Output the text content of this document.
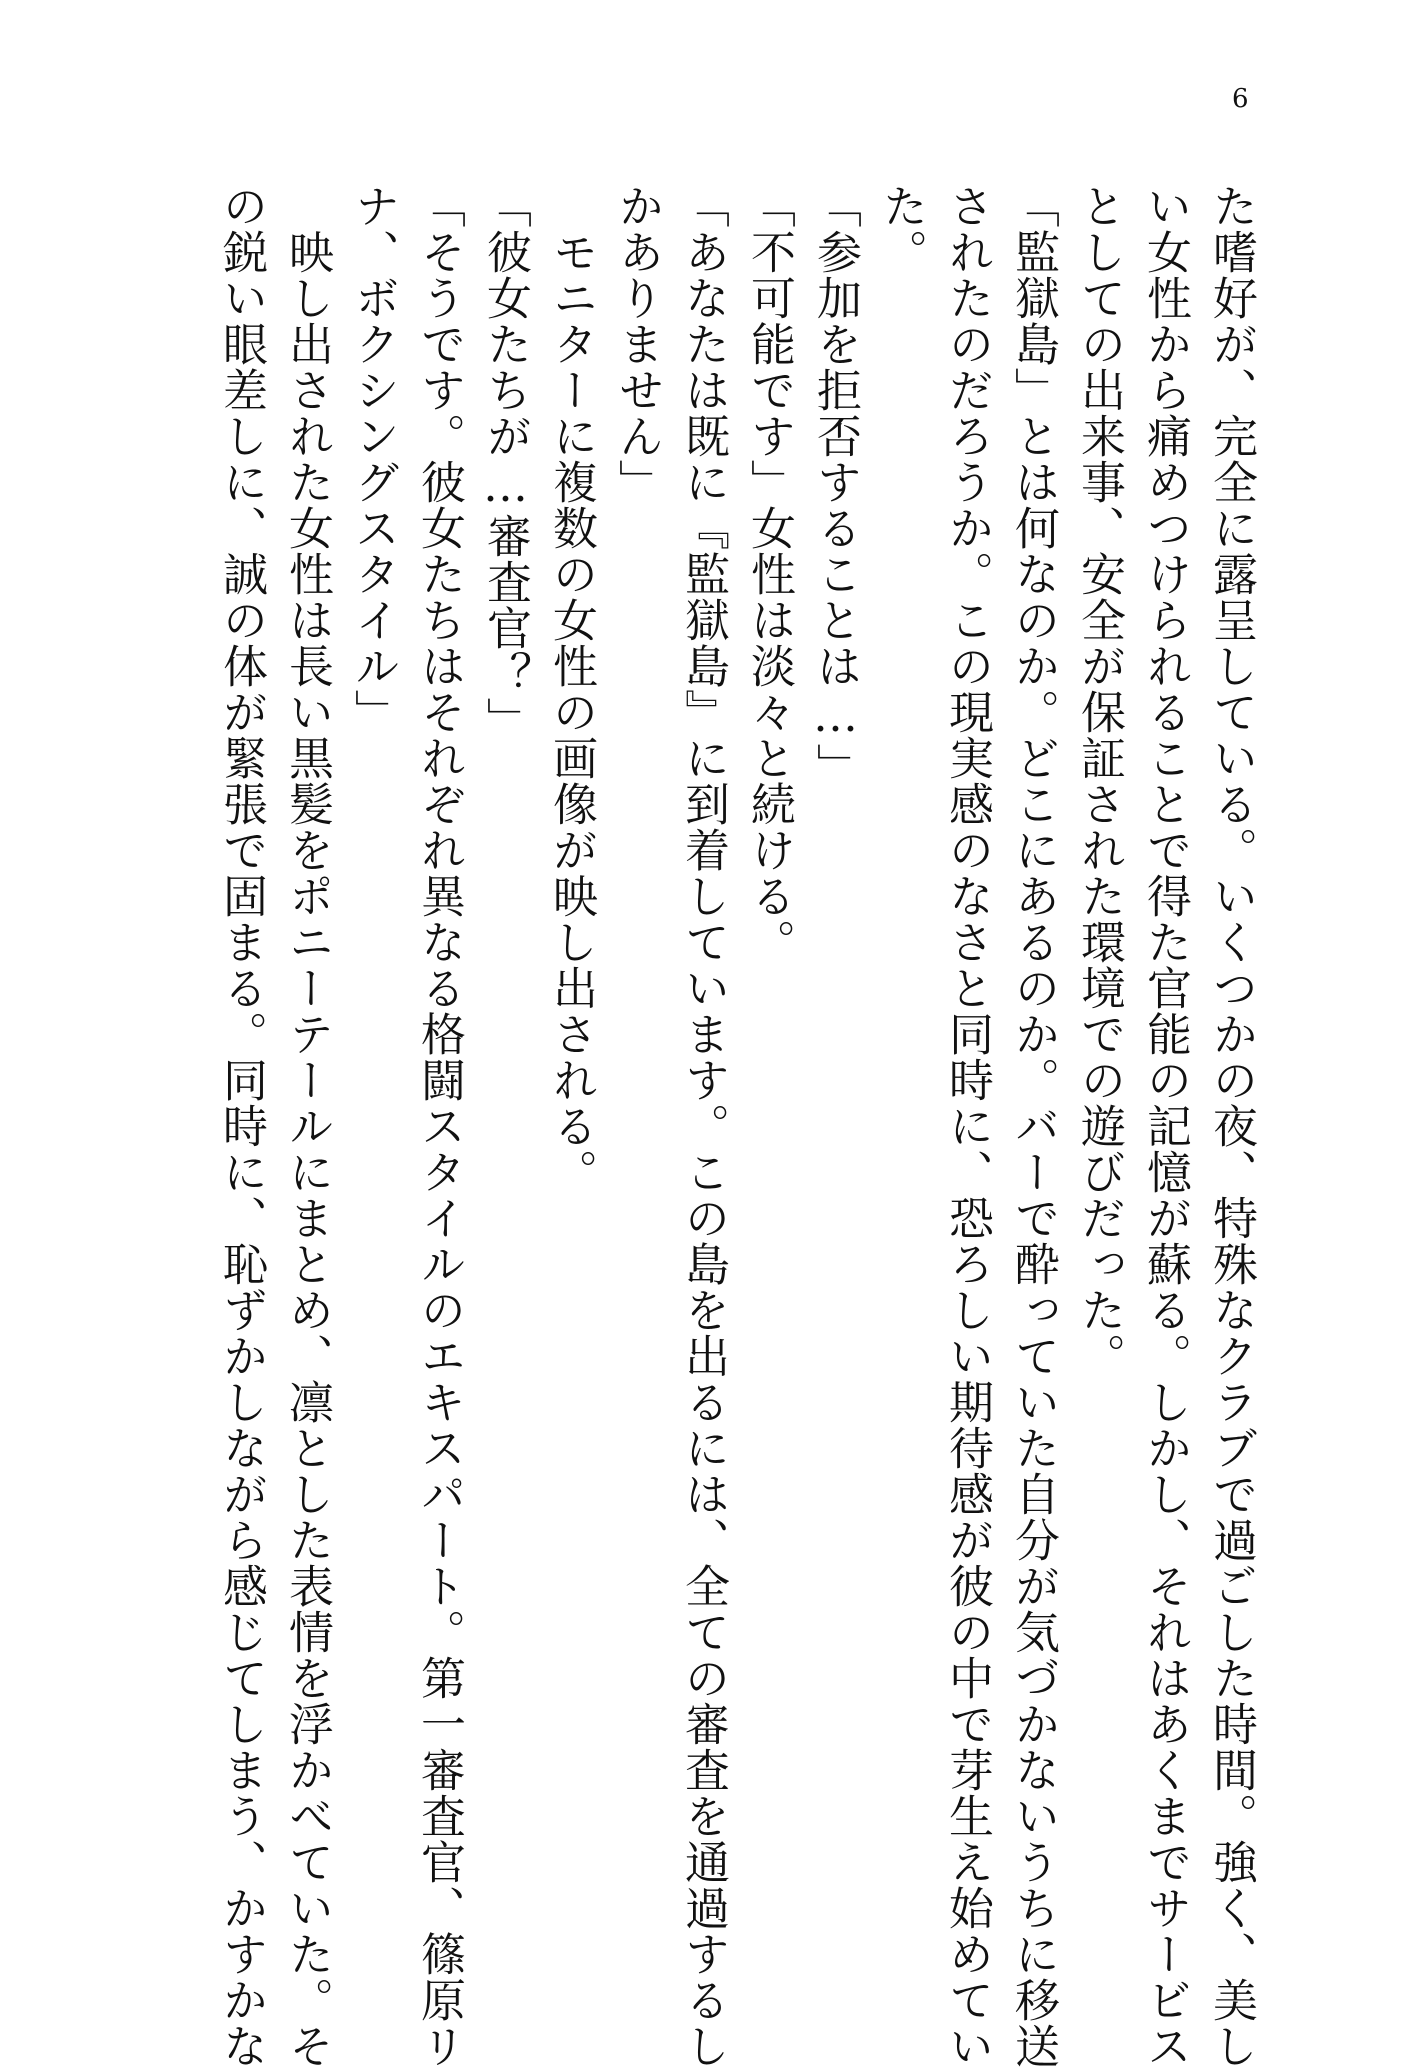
6
た嗜好が、完全に露呈している。いくつかの夜、特殊なクラブで過ごした時間。強く、美し
い女性から痛めつけられることで得た官能の記憶が蘇る。しかし、それはあくまでサービス
としての出来事、安全が保証された環境での遊びだった。
「監獄島」とは何なのか。どこにあるのか。バーで酔っていた自分が気づかないうちに移送
されたのだろうか。この現実感のなさと同時に、恐ろしい期待感が彼の中で芽生え始めてい
た。
「参加を拒否することは…」
「不可能です」女性は淡々と続ける。
「あなたは既に『監獄島』に到着しています。この島を出るには、全ての審査を通過するし
かありません」
　モニターに複数の女性の画像が映し出される。
「彼女たちが…審査官？」
「そうです。彼女たちはそれぞれ異なる格闘スタイルのエキスパート。第一審査官、篠原リ
ナ、ボクシングスタイル」
　映し出された女性は長い黒髪をポニーテールにまとめ、凛とした表情を浮かべていた。そ
の鋭い眼差しに、誠の体が緊張で固まる。同時に、恥ずかしながら感じてしまう、かすかな
